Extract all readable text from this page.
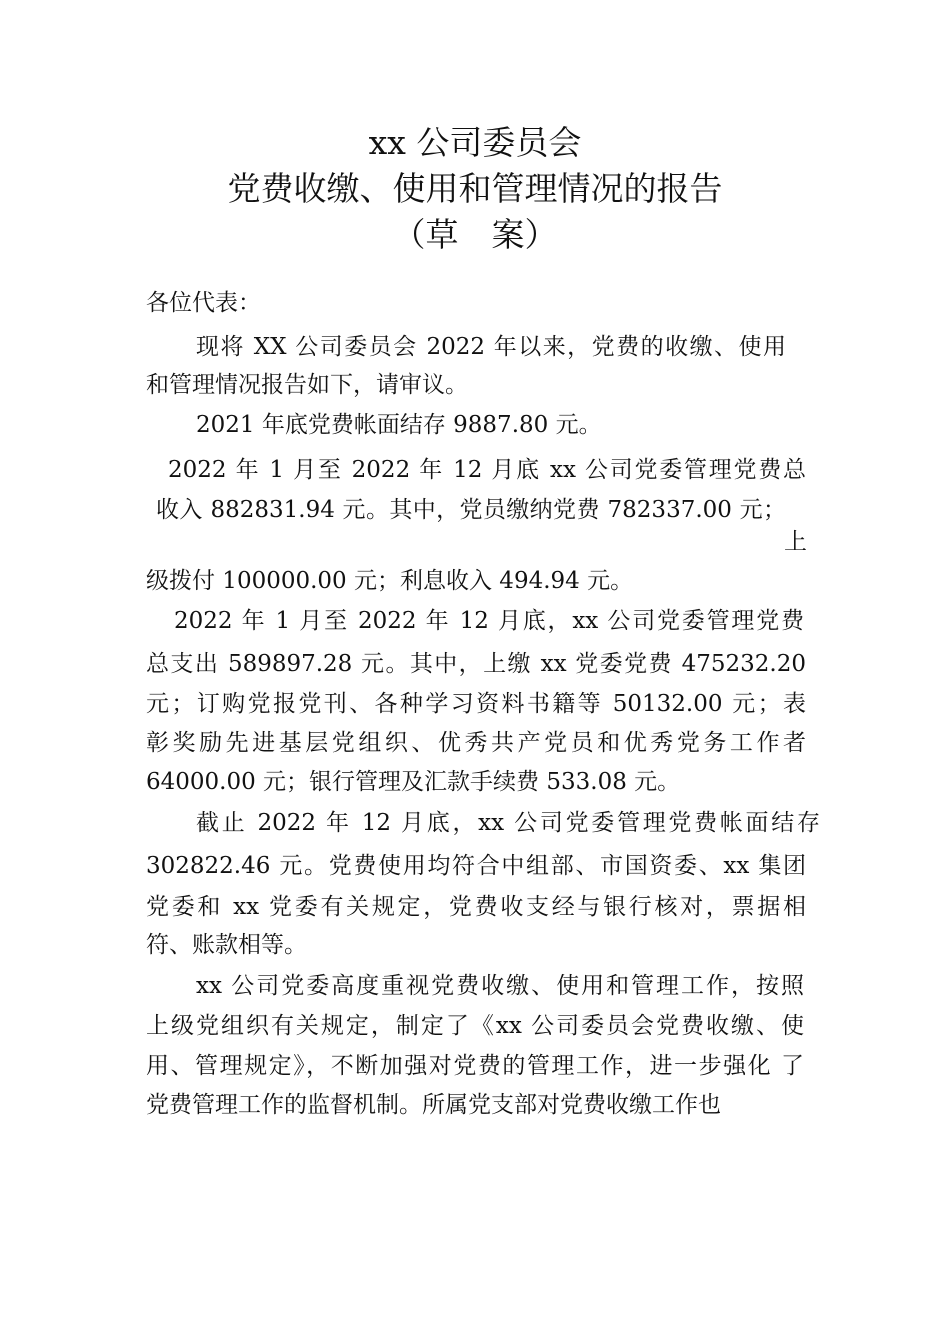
xx 公司委员会
党费收缴、使用和管理情况的报告
（草　案）
各位代表：
现将 XX 公司委员会 2022 年以来，党费的收缴、使用
和管理情况报告如下，请审议。
2021 年底党费帐面结存 9887.80 元。
2022 年 1 月至 2022 年 12 月底 xx 公司党委管理党费总
收入 882831.94 元。其中，党员缴纳党费 782337.00 元；
上
级拨付 100000.00 元；利息收入 494.94 元。
2022 年 1 月至 2022 年 12 月底，xx 公司党委管理党费
总支出 589897.28 元。其中，上缴 xx 党委党费 475232.20
元；订购党报党刊、各种学习资料书籍等 50132.00 元；表
彰奖励先进基层党组织、优秀共产党员和优秀党务工作者
64000.00 元；银行管理及汇款手续费 533.08 元。
截止 2022 年 12 月底，xx 公司党委管理党费帐面结存
302822.46 元。党费使用均符合中组部、市国资委、xx 集团
党委和 xx 党委有关规定，党费收支经与银行核对，票据相
符、账款相等。
xx 公司党委高度重视党费收缴、使用和管理工作，按照
上级党组织有关规定，制定了《xx 公司委员会党费收缴、使
用、管理规定》，不断加强对党费的管理工作，进一步强化 了
党费管理工作的监督机制。所属党支部对党费收缴工作也
